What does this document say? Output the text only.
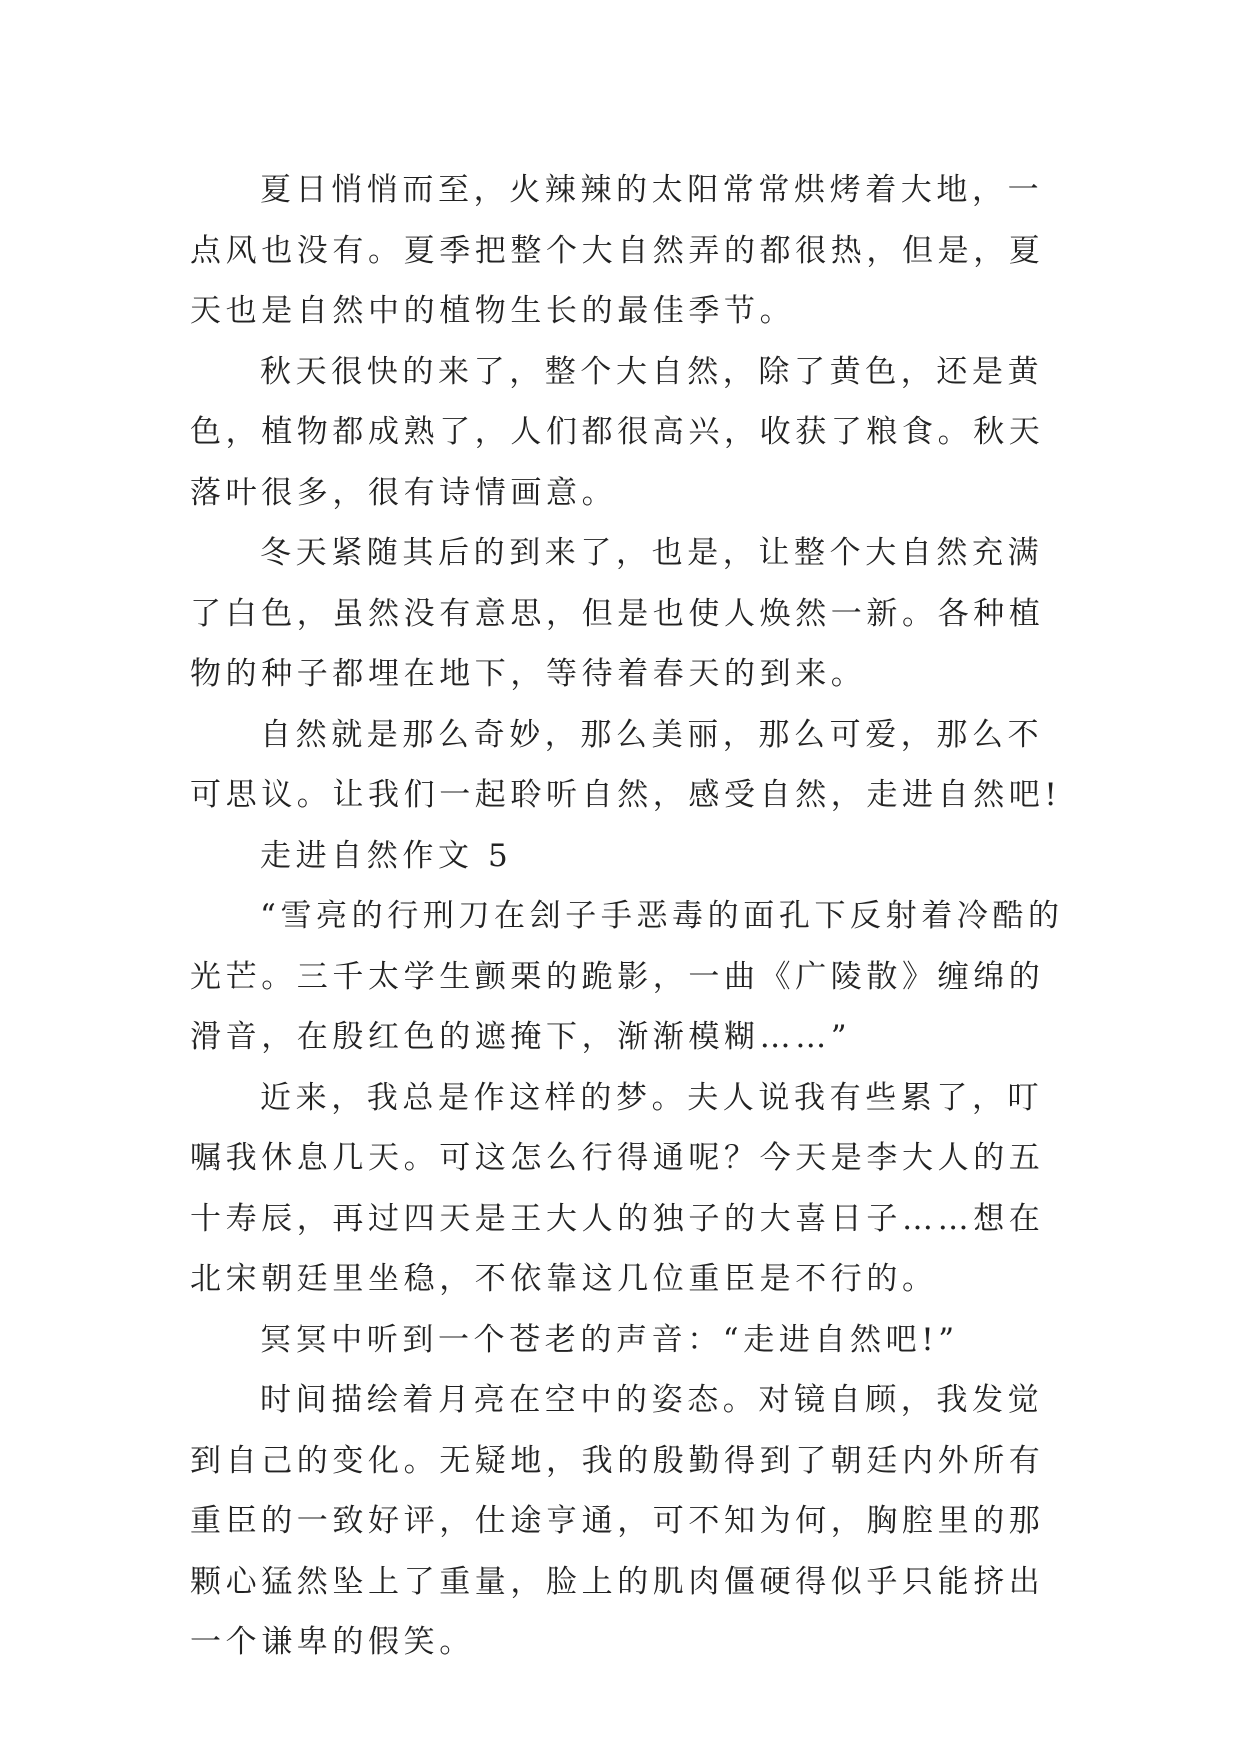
夏日悄悄而至，火辣辣的太阳常常烘烤着大地，一点风也没有。夏季把整个大自然弄的都很热，但是，夏天也是自然中的植物生长的最佳季节。

秋天很快的来了，整个大自然，除了黄色，还是黄色，植物都成熟了，人们都很高兴，收获了粮食。秋天落叶很多，很有诗情画意。

冬天紧随其后的到来了，也是，让整个大自然充满了白色，虽然没有意思，但是也使人焕然一新。各种植物的种子都埋在地下，等待着春天的到来。

自然就是那么奇妙，那么美丽，那么可爱，那么不可思议。让我们一起聆听自然，感受自然，走进自然吧!

走进自然作文 5

“雪亮的行刑刀在刽子手恶毒的面孔下反射着冷酷的光芒。三千太学生颤栗的跪影，一曲《广陵散》缠绵的滑音，在殷红色的遮掩下，渐渐模糊……”

近来，我总是作这样的梦。夫人说我有些累了，叮嘱我休息几天。可这怎么行得通呢？今天是李大人的五十寿辰，再过四天是王大人的独子的大喜日子……想在北宋朝廷里坐稳，不依靠这几位重臣是不行的。

冥冥中听到一个苍老的声音：“走进自然吧!”

时间描绘着月亮在空中的姿态。对镜自顾，我发觉到自己的变化。无疑地，我的殷勤得到了朝廷内外所有重臣的一致好评，仕途亨通，可不知为何，胸腔里的那颗心猛然坠上了重量，脸上的肌肉僵硬得似乎只能挤出一个谦卑的假笑。
